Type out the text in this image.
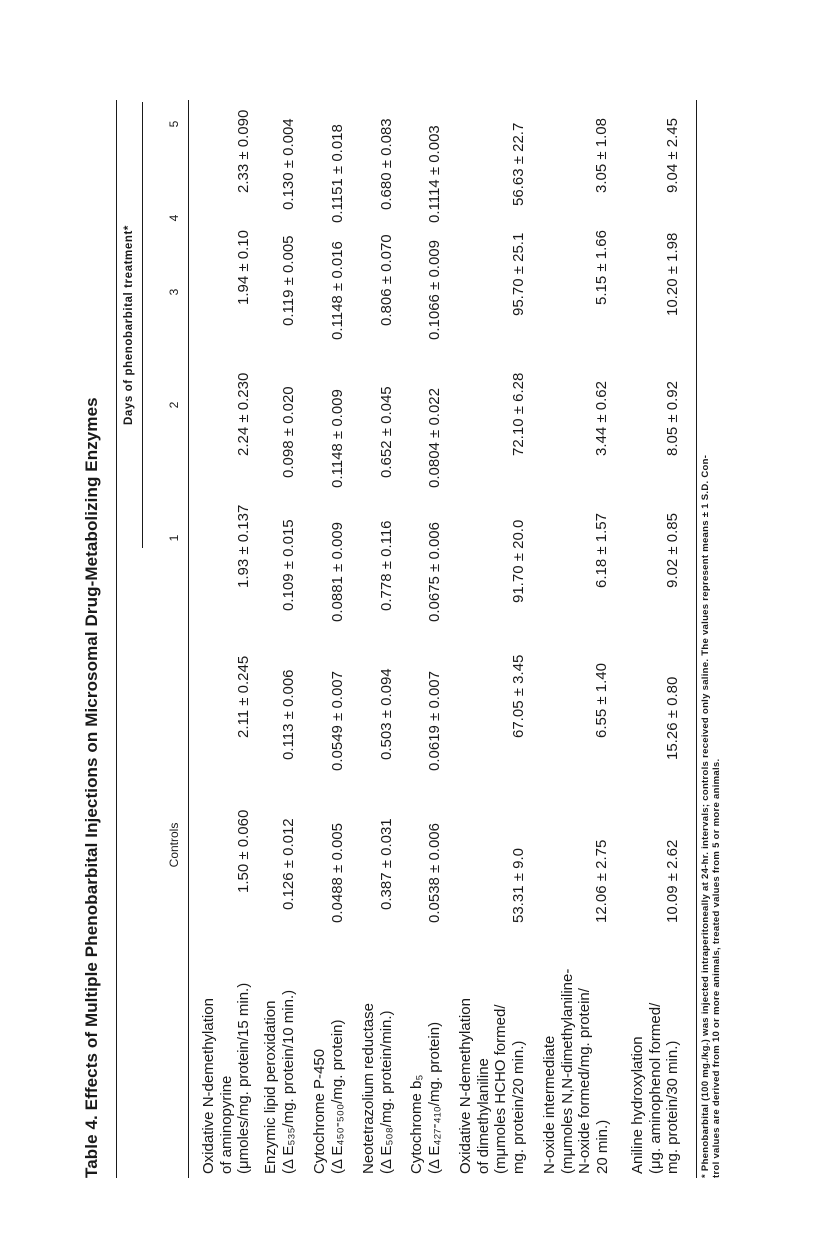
Table 4. Effects of Multiple Phenobarbital Injections on Microsomal Drug-Metabolizing Enzymes
Days of phenobarbital treatment*
Controls
1
2
3
4
5
Oxidative N-demethylation of aminopyrine (μmoles/mg. protein/15 min.)
1.50 ± 0.060
2.11 ± 0.245
1.93 ± 0.137
2.24 ± 0.230
1.94 ± 0.10
2.33 ± 0.090
Enzymic lipid peroxidation (Δ E₅₃₅/mg. protein/10 min.)
0.126 ± 0.012
0.113 ± 0.006
0.109 ± 0.015
0.098 ± 0.020
0.119 ± 0.005
0.130 ± 0.004
Cytochrome P-450 (Δ E₄₅₀-₅₀₀/mg. protein)
0.0488 ± 0.005
0.0549 ± 0.007
0.0881 ± 0.009
0.1148 ± 0.009
0.1148 ± 0.016
0.1151 ± 0.018
Neotetrazolium reductase (Δ E₅₀₈/mg. protein/min.)
0.387 ± 0.031
0.503 ± 0.094
0.778 ± 0.116
0.652 ± 0.045
0.806 ± 0.070
0.680 ± 0.083
Cytochrome b₅ (Δ E₄₂₇-₄₁₀/mg. protein)
0.0538 ± 0.006
0.0619 ± 0.007
0.0675 ± 0.006
0.0804 ± 0.022
0.1066 ± 0.009
0.1114 ± 0.003
Oxidative N-demethylation of dimethylaniline (mμmoles HCHO formed/ mg. protein/20 min.)
53.31 ± 9.0
67.05 ± 3.45
91.70 ± 20.0
72.10 ± 6.28
95.70 ± 25.1
56.63 ± 22.7
N-oxide intermediate (mμmoles N,N-dimethylaniline- N-oxide formed/mg. protein/ 20 min.)
12.06 ± 2.75
6.55 ± 1.40
6.18 ± 1.57
3.44 ± 0.62
5.15 ± 1.66
3.05 ± 1.08
Aniline hydroxylation (μg. aminophenol formed/ mg. protein/30 min.)
10.09 ± 2.62
15.26 ± 0.80
9.02 ± 0.85
8.05 ± 0.92
10.20 ± 1.98
9.04 ± 2.45
* Phenobarbital (100 mg./kg.) was injected intraperitoneally at 24-hr. intervals; controls received only saline. The values represent means ± 1 S.D. Con- trol values are derived from 10 or more animals, treated values from 5 or more animals.
